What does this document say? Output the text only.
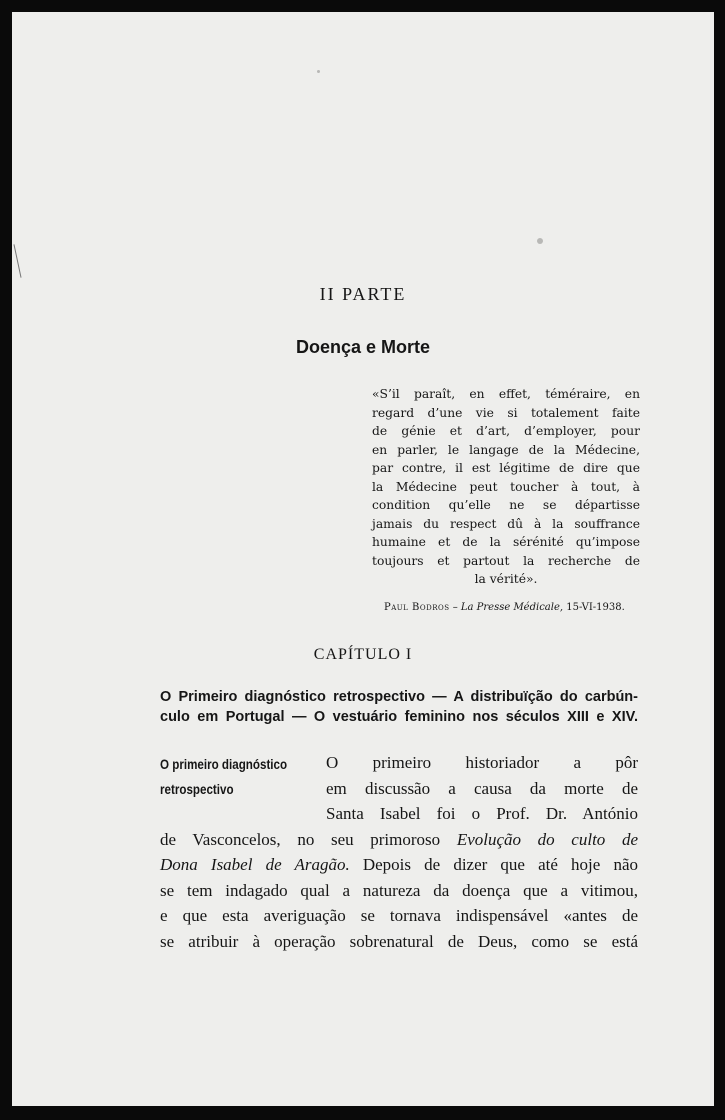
II PARTE
Doença e Morte
«S’il paraît, en effet, téméraire, en
regard d’une vie si totalement faite
de génie et d’art, d’employer, pour
en parler, le langage de la Médecine,
par contre, il est légitime de dire que
la Médecine peut toucher à tout, à
condition qu’elle ne se départisse
jamais du respect dû à la souffrance
humaine et de la sérénité qu’impose
toujours et partout la recherche de
la vérité».
Paul Bodros – La Presse Médicale, 15-VI-1938.
CAPÍTULO I
O Primeiro diagnóstico retrospectivo — A distribuïção do carbún-
culo em Portugal — O vestuário feminino nos séculos XIII e XIV.
O primeiro diagnóstico
retrospectivo
O primeiro historiador a pôr
em discussão a causa da morte de
Santa Isabel foi o Prof. Dr. António
de Vasconcelos, no seu primoroso Evolução do culto de
Dona Isabel de Aragão. Depois de dizer que até hoje não
se tem indagado qual a natureza da doença que a vitimou,
e que esta averiguação se tornava indispensável «antes de
se atribuir à operação sobrenatural de Deus, como se está
